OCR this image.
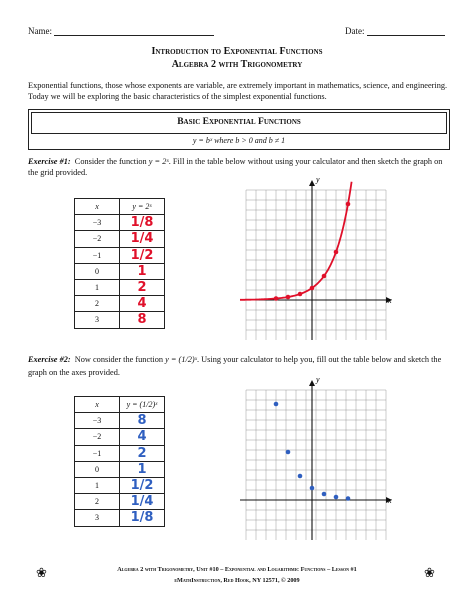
Name:	Date:
Introduction to Exponential Functions
Algebra 2 with Trigonometry
Exponential functions, those whose exponents are variable, are extremely important in mathematics, science, and engineering. Today we will be exploring the basic characteristics of the simplest exponential functions.
Basic Exponential Functions
y = bˣ where b > 0 and b ≠ 1
Exercise #1: Consider the function y = 2ˣ. Fill in the table below without using your calculator and then sketch the graph on the grid provided.
x	y = 2ˣ
−3	1/8
−2	1/4
−1	1/2
0	1
1	2
2	4
3	8
x
y
Exercise #2: Now consider the function y = (1/2)ˣ. Using your calculator to help you, fill out the table below and sketch the graph on the axes provided.
x	y = (1/2)ˣ
−3	8
−2	4
−1	2
0	1
1	1/2
2	1/4
3	1/8
x
y
❀	❀
Algebra 2 with Trigonometry, Unit #10 – Exponential and Logarithmic Functions – Lesson #1
eMathInstruction, Red Hook, NY 12571, © 2009
